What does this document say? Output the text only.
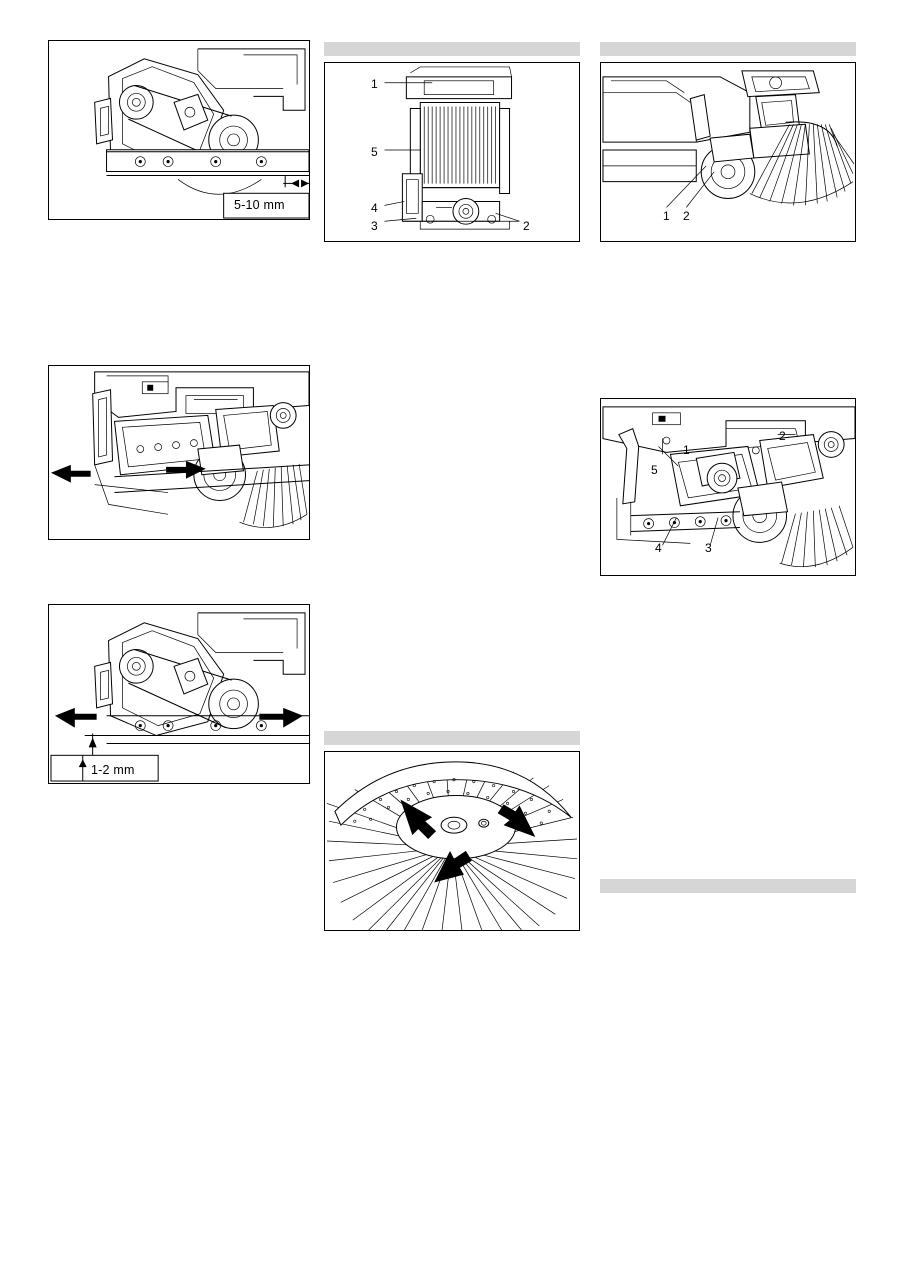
5-10 mm
1
5
4
3	2
1 2
1
2
5
4	3
1-2 mm
